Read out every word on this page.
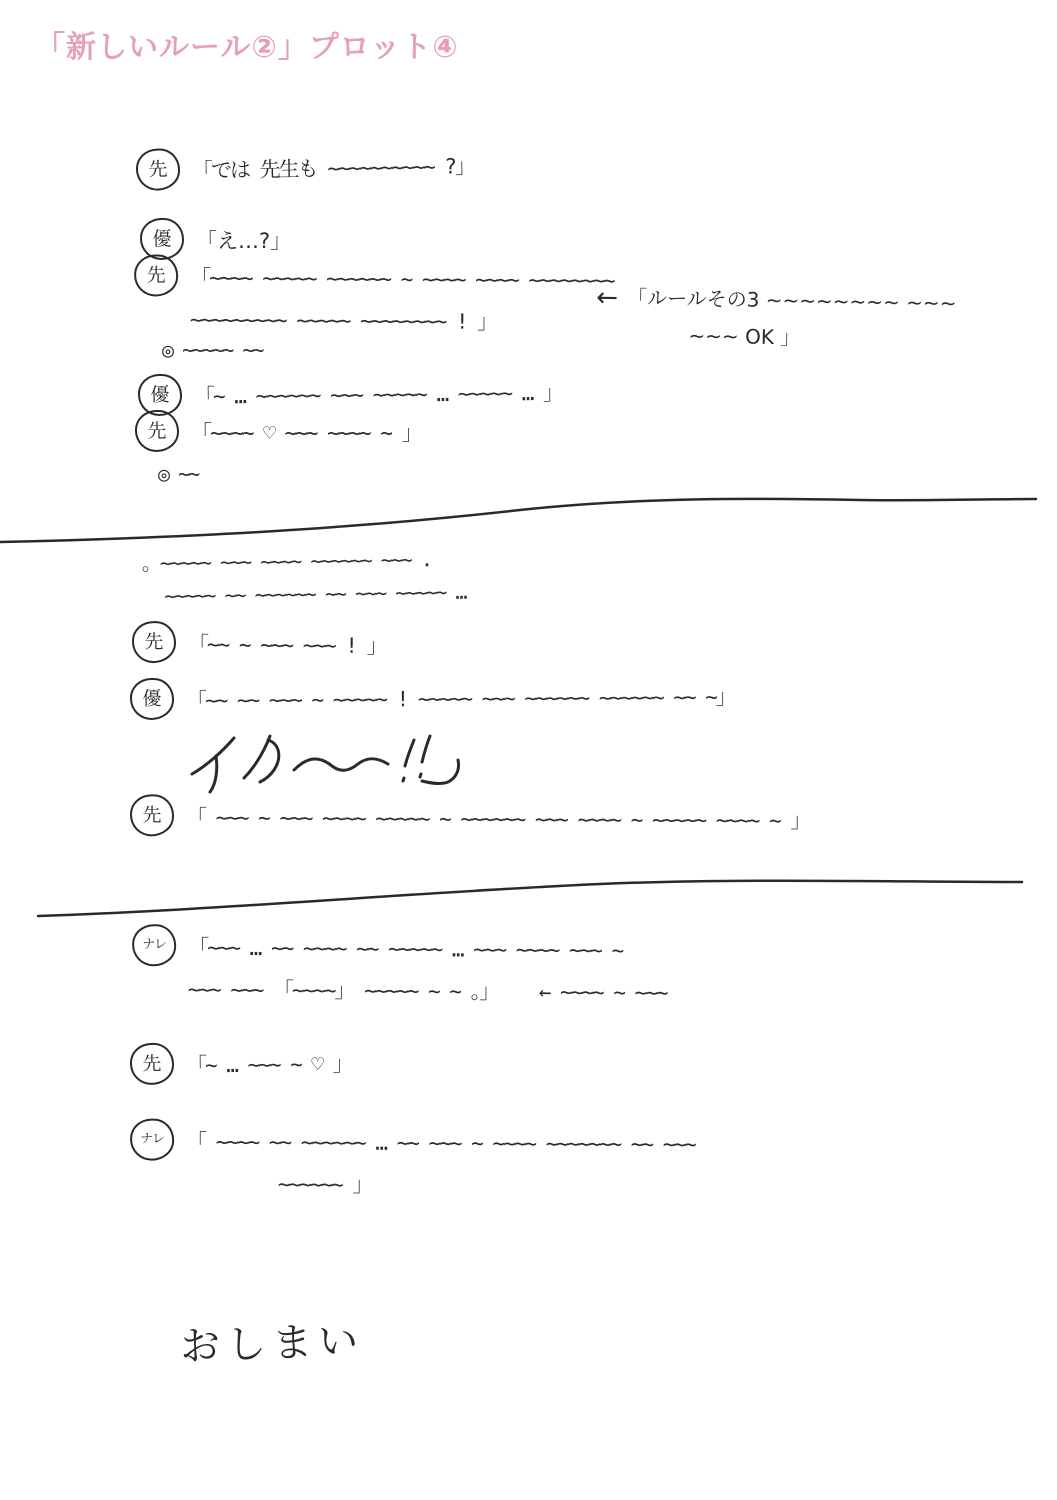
「新しいルール②」プロット④
先	「では 先生も ~~~~~~~~~~ ?」
優	「え…?」
先	「~~~~ ~~~~~ ~~~~~~ ~ ~~~~ ~~~~ ~~~~~~~~
~~~~~~~~~ ~~~~~ ~~~~~~~~ ! 」
← 「ルールその3 ~~~~~~~~ ~~~
~~~ OK 」
◎ ~~~~~ ~~
優	「~ … ~~~~~~ ~~~ ~~~~~ … ~~~~~ … 」
先	「~~~~ ♡ ~~~ ~~~~ ~ 」
◎ ~~
。~~~~~ ~~~ ~~~~ ~~~~~~ ~~~ .
~~~~~ ~~ ~~~~~~ ~~ ~~~ ~~~~~ …
先	「~~ ~ ~~~ ~~~ ! 」
優	「~~ ~~ ~~~ ~ ~~~~~ ! ~~~~~ ~~~ ~~~~~~ ~~~~~~ ~~ ~」
先	「 ~~~ ~ ~~~ ~~~~ ~~~~~ ~ ~~~~~~ ~~~ ~~~~ ~ ~~~~~ ~~~~ ~ 」
ナレ	「~~~ … ~~ ~~~~ ~~ ~~~~~ … ~~~ ~~~~ ~~~ ~
~~~ ~~~ 「~~~~」 ~~~~~ ~ ~ 。」 ← ~~~~ ~ ~~~
先	「~ … ~~~ ~ ♡ 」
ナレ	「 ~~~~ ~~ ~~~~~~ … ~~ ~~~ ~ ~~~~ ~~~~~~~ ~~ ~~~
~~~~~~ 」
おしまい
